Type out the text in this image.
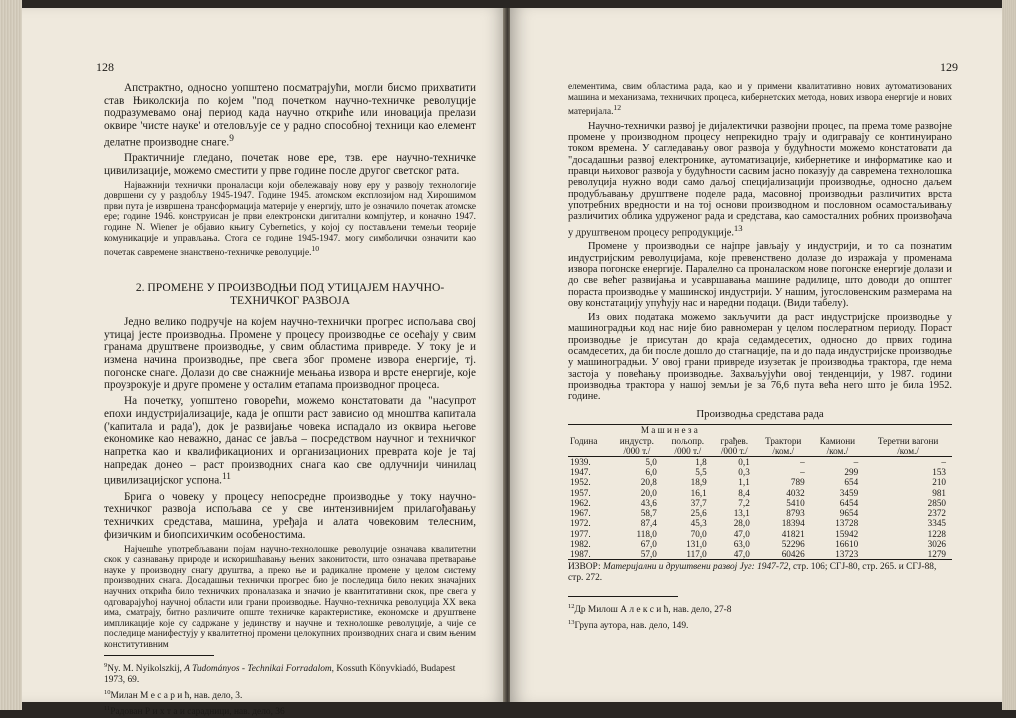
128

Апстрактно, односно уопштено посматрајући, могли бисмо прихватити став Њиколскија по којем "под почетком научно-техничке револуције подразумевамо онај период када научно откриће или иновација прелази оквире 'чисте науке' и отеловљује се у радно способној техници као елемент делатне производне снаге.$^9$

Практичније гледано, почетак нове ере, тзв. ере научно-техничке цивилизације, можемо сместити у прве године после другог светског рата.

Најважнији технички проналасци који обележавају нову еру у развоју технологије довршени су у раздобљу 1945-1947. Године 1945. атомском експлозијом над Хирошимом први пута је извршена трансформација материје у енергију, што је означило почетак атомске ере; године 1946. конструисан је први електронски дигитални компјутер, и коначно 1947. године N. Wiener је објавио књигу Cybernetics, у којој су постављени темељи теорије комуникације и управљања. Стога се године 1945-1947. могу симболички означити као почетак савремене знанствено-техничке револуције.$^{10}$

2. ПРОМЕНЕ У ПРОИЗВОДЊИ ПОД УТИЦАЈЕМ НАУЧНО-ТЕХНИЧКОГ РАЗВОЈА

Једно велико подручје на којем научно-технички прогрес испољава свој утицај јесте производња. Промене у процесу производње се осећају у свим гранама друштвене производње, у свим областима привреде. У току је и измена начина производње, пре свега због промене извора енергије, тј. погонске снаге. Долази до све снажније мењања извора и врсте енергије, које проузрокује и друге промене у осталим етапама производног процеса.

На почетку, уопштено говорећи, можемо констатовати да "насупрот епохи индустријализације, када је општи раст зависио од мноштва капитала ('капитала и рада'), док је развијање човека испадало из оквира његове економике као неважно, данас се јавља – посредством научног и техничког напретка као и квалификационих и организационих преврата које је тај напредак донео – раст производних снага као све одлучнији чинилац цивилизацијског успона.$^{11}$

Брига о човеку у процесу непосредне производње у току научно-техничког развоја испољава се у све интензивнијем прилагођавању техничких средстава, машина, уређаја и алата човековим телесним, физичким и биопсихичким особеностима.

Најчешће употребљавани појам научно-технолошке револуције означава квалитетни скок у сазнавању природе и искоришћавању њених законитости, што означава претварање науке у производну снагу друштва, а преко ње и радикалне промене у целом систему производних снага. Досадашњи технички прогрес био је последица било неких значајних научних открића било техничких проналазака и значио је квантитативни скок, пре свега у одговарајућој научној области или грани производње. Научно-техничка револуција XX века има, сматрају, битно различите опште техничке карактеристике, економске и друштвене импликације које су садржане у јединству и научне и технолошке револуције, а чије се последице манифестују у квалитетној промени целокупних производних снага и свим њеним конститутивним

$^9$Ny. M. Nyikolszkij, A Tudományos - Technikai Forradalom, Kossuth Könyvkiadó, Budapest 1973, 69.
$^{10}$Милан М е с а р и ћ, нав. дело, 3.
$^{11}$Радован Р и х т а и сарадници, нав. дело, 36
129

елементима, свим областима рада, као и у примени квалитативно нових аутоматизованих машина и механизама, техничких процеса, кибернетских метода, нових извора енергије и нових материјала.$^{12}$

Научно-технички развој је дијалектички развојни процес, па према томе развојне промене у производном процесу непрекидно трају и одигравају се континуирано током времена. У сагледавању овог развоја у будућности можемо констатовати да "досадашњи развој електронике, аутоматизације, кибернетике и информатике као и правци њиховог развоја у будућности сасвим јасно показују да савремена технолошка револуција нужно води само даљој специјализацији производње, односно даљем продубљавању друштвене поделе рада, масовној производњи различитих врста употребних вредности и на тој основи производном и пословном осамостаљивању различитих облика удруженог рада и средстава, као самосталних робних произвођача у друштвеном процесу репродукције.$^{13}$

Промене у производњи се најпре јављају у индустрији, и то са познатим индустријским револуцијама, које превенствено долазе до изражаја у променама извора погонске енергије. Паралелно са проналаском нове погонске енергије долази и до све већег развијања и усавршавања машине радилице, што доводи до општег пораста производње у машинској индустрији. У нашим, југословенским размерама на ову констатацију упућују нас и наредни подаци. (Види табелу).

Из ових података можемо закључити да раст индустријске производње у машиноградњи код нас није био равномеран у целом послератном периоду. Пораст производње је присутан до краја седамдесетих, односно до првих година осамдесетих, да би после дошло до стагнације, па и до пада индустријске производње у машиноградњи. У овој грани привреде изузетак је производња трактора, где нема застоја у повећању производње. Захваљујући овој тенденцији, у 1987. години производња трактора у нашој земљи је за 76,6 пута већа него што је била 1952. године.

Производња средстава рада
	М а ш и н е з а			Трактори	Камиони	Теретни вагони
Година	индустр.	пољопр.	грађев.			
	/000 т./	/000 т./	/000 т./	/ком./	/ком./	/ком./
1939.	5,0	1,8	0,1	–	–	–
1947.	6,0	5,5	0,3	–	299	153
1952.	20,8	18,9	1,1	789	654	210
1957.	20,0	16,1	8,4	4032	3459	981
1962.	43,6	37,7	7,2	5410	6454	2850
1967.	58,7	25,6	13,1	8793	9654	2372
1972.	87,4	45,3	28,0	18394	13728	3345
1977.	118,0	70,0	47,0	41821	15942	1228
1982.	67,0	131,0	63,0	52296	16610	3026
1987.	57,0	117,0	47,0	60426	13723	1279
ИЗВОР: Материјални и друштвени развој Југ: 1947-72, стр. 106; СГЈ-80, стр. 265. и СГЈ-88, стр. 272.
$^{12}$Др Милош А л е к с и ћ, нав. дело, 27-8
$^{13}$Група аутора, нав. дело, 149.
